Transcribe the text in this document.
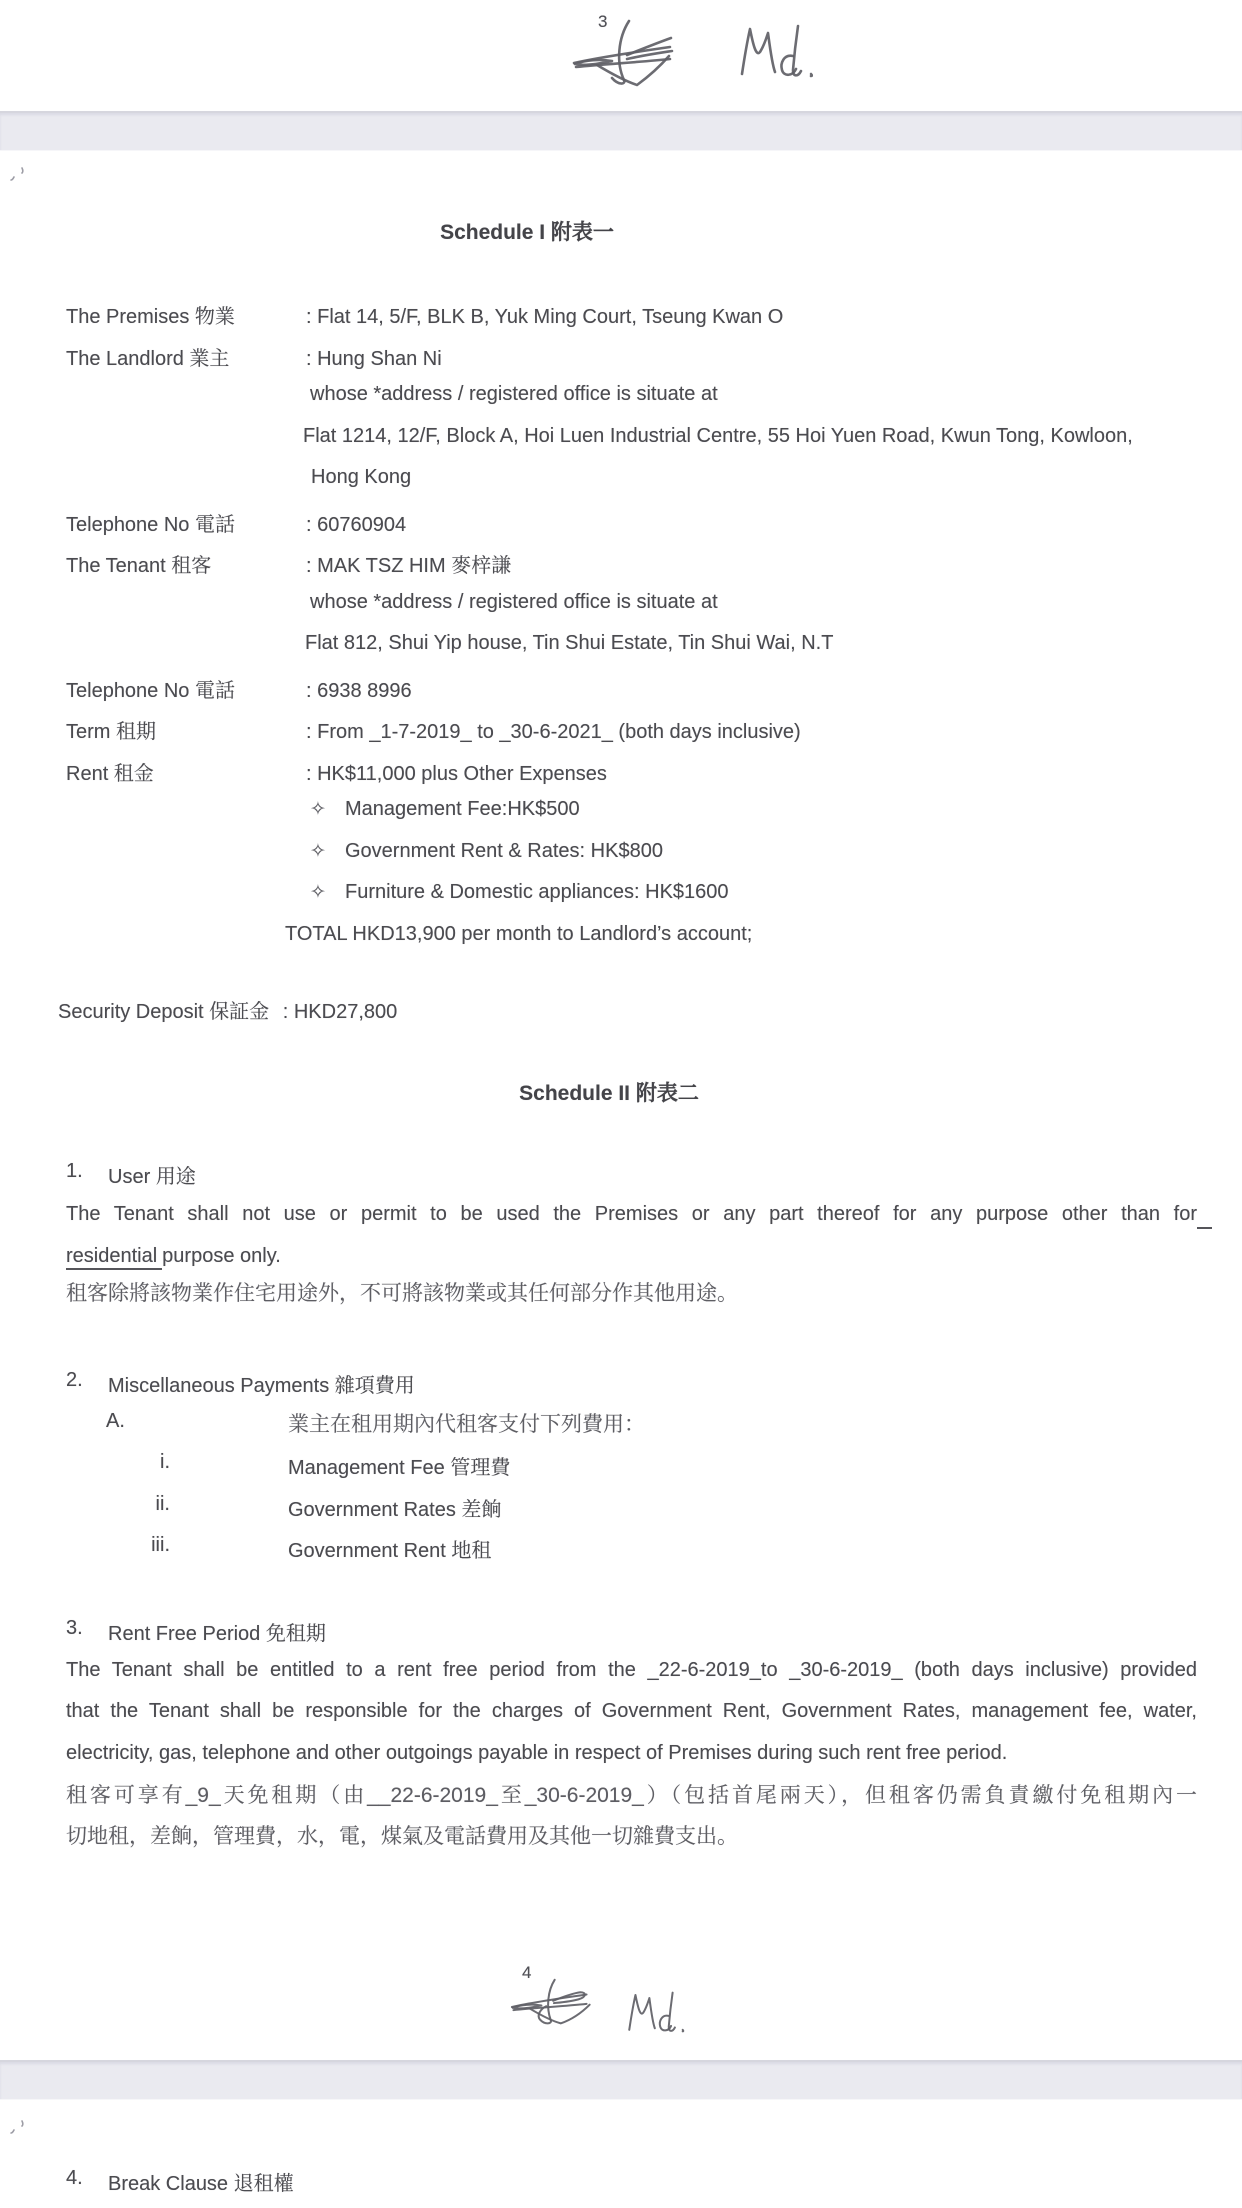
3
Schedule I 附表一
The Premises 物業	: Flat 14, 5/F, BLK B, Yuk Ming Court, Tseung Kwan O
The Landlord 業主	: Hung Shan Ni
whose *address / registered office is situate at
Flat 1214, 12/F, Block A, Hoi Luen Industrial Centre, 55 Hoi Yuen Road, Kwun Tong, Kowloon,
Hong Kong
Telephone No 電話	: 60760904
The Tenant 租客	: MAK TSZ HIM 麥梓謙
whose *address / registered office is situate at
Flat 812, Shui Yip house, Tin Shui Estate, Tin Shui Wai, N.T
Telephone No 電話	: 6938 8996
Term 租期	: From _1-7-2019_ to _30-6-2021_ (both days inclusive)
Rent 租金	: HK$11,000 plus Other Expenses
✧ Management Fee:HK$500
✧ Government Rent & Rates: HK$800
✧ Furniture & Domestic appliances: HK$1600
TOTAL HKD13,900 per month to Landlord’s account;
Security Deposit 保証金 : HKD27,800
Schedule II 附表二
1. User 用途
The Tenant shall not use or permit to be used the Premises or any part thereof for any purpose other than for
residential purpose only.
租客除將該物業作住宅用途外，不可將該物業或其任何部分作其他用途。
2. Miscellaneous Payments 雜項費用
A.	業主在租用期內代租客支付下列費用：
i.	Management Fee 管理費
ii.	Government Rates 差餉
iii.	Government Rent 地租
3. Rent Free Period 免租期
The Tenant shall be entitled to a rent free period from the _22-6-2019_to _30-6-2019_ (both days inclusive) provided
that the Tenant shall be responsible for the charges of Government Rent, Government Rates, management fee, water,
electricity, gas, telephone and other outgoings payable in respect of Premises during such rent free period.
租客可享有_9_天免租期（由__22-6-2019_至_30-6-2019_）（包括首尾兩天），但租客仍需負責繳付免租期內一
切地租，差餉，管理費，水，電，煤氣及電話費用及其他一切雜費支出。
4
4. Break Clause 退租權
